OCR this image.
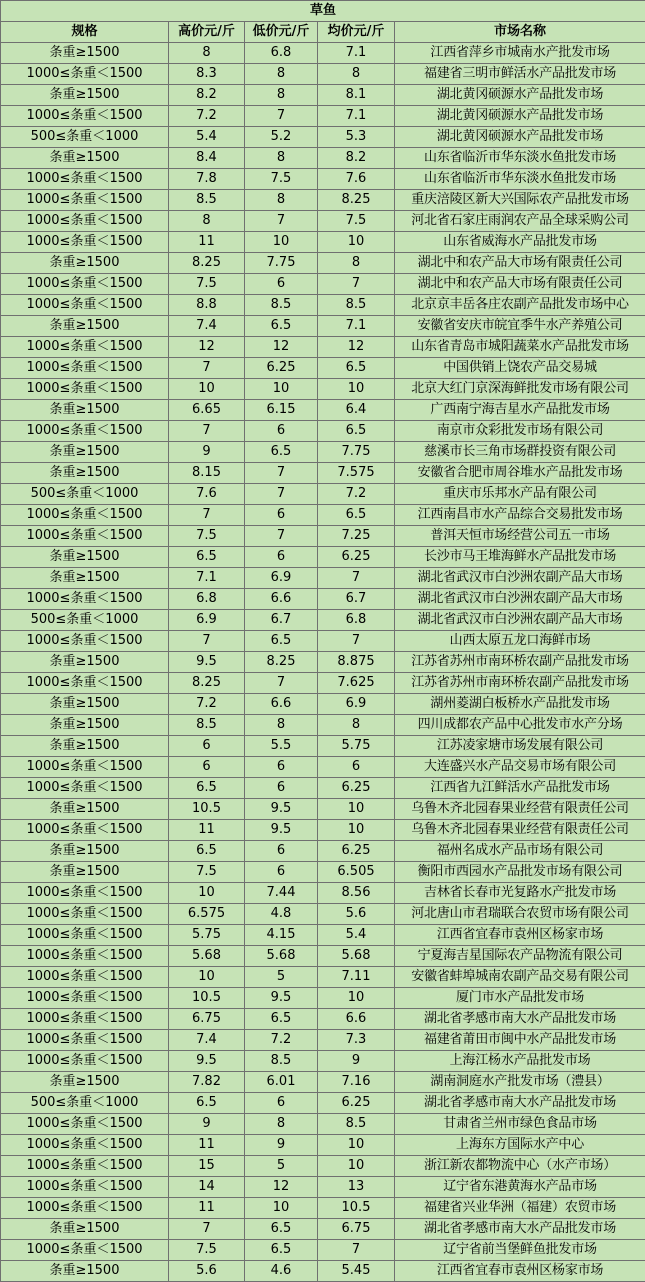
草鱼				
规格	高价元/斤	低价元/斤	均价元/斤	市场名称
条重≥1500	8	6.8	7.1	江西省萍乡市城南水产批发市场
1000≤条重＜1500	8.3	8	8	福建省三明市鲜活水产品批发市场
条重≥1500	8.2	8	8.1	湖北黄冈硕源水产品批发市场
1000≤条重＜1500	7.2	7	7.1	湖北黄冈硕源水产品批发市场
500≤条重＜1000	5.4	5.2	5.3	湖北黄冈硕源水产品批发市场
条重≥1500	8.4	8	8.2	山东省临沂市华东淡水鱼批发市场
1000≤条重＜1500	7.8	7.5	7.6	山东省临沂市华东淡水鱼批发市场
1000≤条重＜1500	8.5	8	8.25	重庆涪陵区新大兴国际农产品批发市场
1000≤条重＜1500	8	7	7.5	河北省石家庄雨润农产品全球采购公司
1000≤条重＜1500	11	10	10	山东省威海水产品批发市场
条重≥1500	8.25	7.75	8	湖北中和农产品大市场有限责任公司
1000≤条重＜1500	7.5	6	7	湖北中和农产品大市场有限责任公司
1000≤条重＜1500	8.8	8.5	8.5	北京京丰岳各庄农副产品批发市场中心
条重≥1500	7.4	6.5	7.1	安徽省安庆市皖宜季牛水产养殖公司
1000≤条重＜1500	12	12	12	山东省青岛市城阳蔬菜水产品批发市场
1000≤条重＜1500	7	6.25	6.5	中国供销上饶农产品交易城
1000≤条重＜1500	10	10	10	北京大红门京深海鲜批发市场有限公司
条重≥1500	6.65	6.15	6.4	广西南宁海吉星水产品批发市场
1000≤条重＜1500	7	6	6.5	南京市众彩批发市场有限公司
条重≥1500	9	6.5	7.75	慈溪市长三角市场群投资有限公司
条重≥1500	8.15	7	7.575	安徽省合肥市周谷堆水产品批发市场
500≤条重＜1000	7.6	7	7.2	重庆市乐邦水产品有限公司
1000≤条重＜1500	7	6	6.5	江西南昌市水产品综合交易批发市场
1000≤条重＜1500	7.5	7	7.25	普洱天恒市场经营公司五一市场
条重≥1500	6.5	6	6.25	长沙市马王堆海鲜水产品批发市场
条重≥1500	7.1	6.9	7	湖北省武汉市白沙洲农副产品大市场
1000≤条重＜1500	6.8	6.6	6.7	湖北省武汉市白沙洲农副产品大市场
500≤条重＜1000	6.9	6.7	6.8	湖北省武汉市白沙洲农副产品大市场
1000≤条重＜1500	7	6.5	7	山西太原五龙口海鲜市场
条重≥1500	9.5	8.25	8.875	江苏省苏州市南环桥农副产品批发市场
1000≤条重＜1500	8.25	7	7.625	江苏省苏州市南环桥农副产品批发市场
条重≥1500	7.2	6.6	6.9	湖州菱湖白板桥水产品批发市场
条重≥1500	8.5	8	8	四川成都农产品中心批发市水产分场
条重≥1500	6	5.5	5.75	江苏凌家塘市场发展有限公司
1000≤条重＜1500	6	6	6	大连盛兴水产品交易市场有限公司
1000≤条重＜1500	6.5	6	6.25	江西省九江鲜活水产品批发市场
条重≥1500	10.5	9.5	10	乌鲁木齐北园春果业经营有限责任公司
1000≤条重＜1500	11	9.5	10	乌鲁木齐北园春果业经营有限责任公司
条重≥1500	6.5	6	6.25	福州名成水产品市场有限公司
条重≥1500	7.5	6	6.505	衡阳市西园水产品批发市场有限公司
1000≤条重＜1500	10	7.44	8.56	吉林省长春市光复路水产批发市场
1000≤条重＜1500	6.575	4.8	5.6	河北唐山市君瑞联合农贸市场有限公司
1000≤条重＜1500	5.75	4.15	5.4	江西省宜春市袁州区杨家市场
1000≤条重＜1500	5.68	5.68	5.68	宁夏海吉星国际农产品物流有限公司
1000≤条重＜1500	10	5	7.11	安徽省蚌埠城南农副产品交易有限公司
1000≤条重＜1500	10.5	9.5	10	厦门市水产品批发市场
1000≤条重＜1500	6.75	6.5	6.6	湖北省孝感市南大水产品批发市场
1000≤条重＜1500	7.4	7.2	7.3	福建省莆田市闽中水产品批发市场
1000≤条重＜1500	9.5	8.5	9	上海江杨水产品批发市场
条重≥1500	7.82	6.01	7.16	湖南洞庭水产批发市场（澧县）
500≤条重＜1000	6.5	6	6.25	湖北省孝感市南大水产品批发市场
1000≤条重＜1500	9	8	8.5	甘肃省兰州市绿色食品市场
1000≤条重＜1500	11	9	10	上海东方国际水产中心
1000≤条重＜1500	15	5	10	浙江新农都物流中心（水产市场）
1000≤条重＜1500	14	12	13	辽宁省东港黄海水产品市场
1000≤条重＜1500	11	10	10.5	福建省兴业华洲（福建）农贸市场
条重≥1500	7	6.5	6.75	湖北省孝感市南大水产品批发市场
1000≤条重＜1500	7.5	6.5	7	辽宁省前当堡鲜鱼批发市场
条重≥1500	5.6	4.6	5.45	江西省宜春市袁州区杨家市场
